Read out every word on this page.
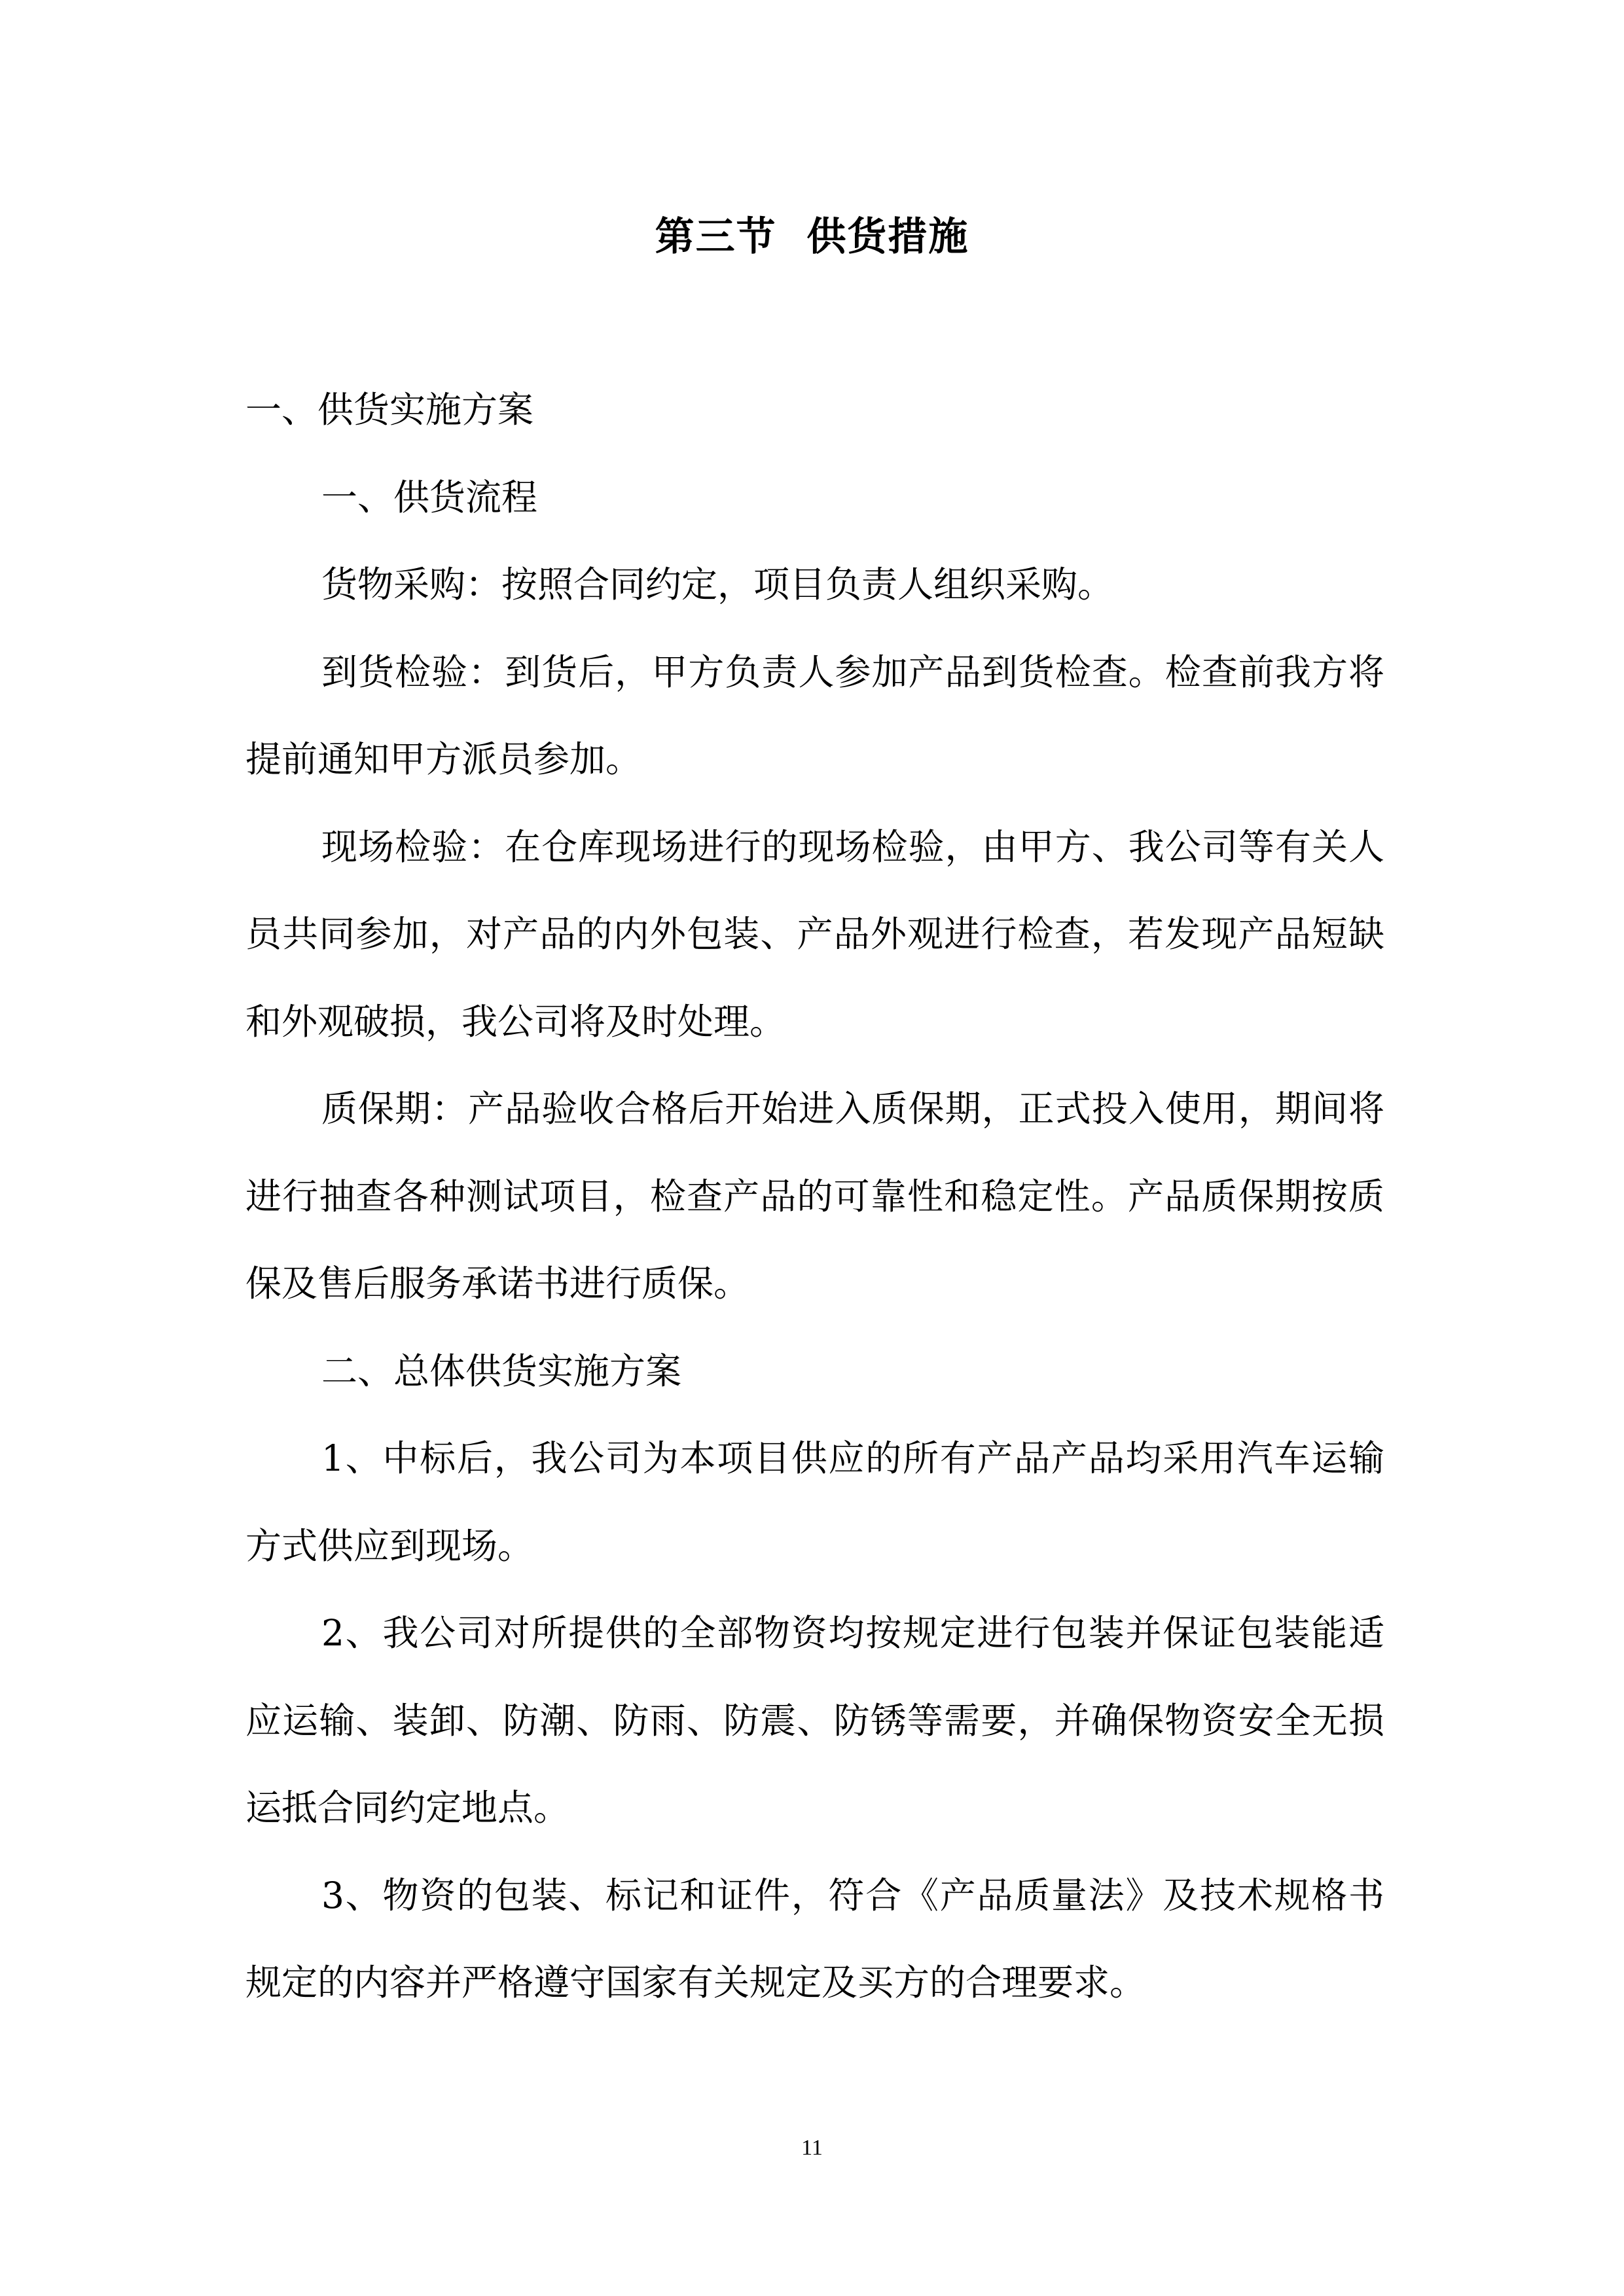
第三节  供货措施

一、供货实施方案

一、供货流程

货物采购：按照合同约定，项目负责人组织采购。

到货检验：到货后，甲方负责人参加产品到货检查。检查前我方将提前通知甲方派员参加。

现场检验：在仓库现场进行的现场检验，由甲方、我公司等有关人员共同参加，对产品的内外包装、产品外观进行检查，若发现产品短缺和外观破损，我公司将及时处理。

质保期：产品验收合格后开始进入质保期，正式投入使用，期间将进行抽查各种测试项目，检查产品的可靠性和稳定性。产品质保期按质保及售后服务承诺书进行质保。

二、总体供货实施方案

1、中标后，我公司为本项目供应的所有产品产品均采用汽车运输方式供应到现场。

2、我公司对所提供的全部物资均按规定进行包装并保证包装能适应运输、装卸、防潮、防雨、防震、防锈等需要，并确保物资安全无损运抵合同约定地点。

3、物资的包装、标记和证件，符合《产品质量法》及技术规格书规定的内容并严格遵守国家有关规定及买方的合理要求。

11
